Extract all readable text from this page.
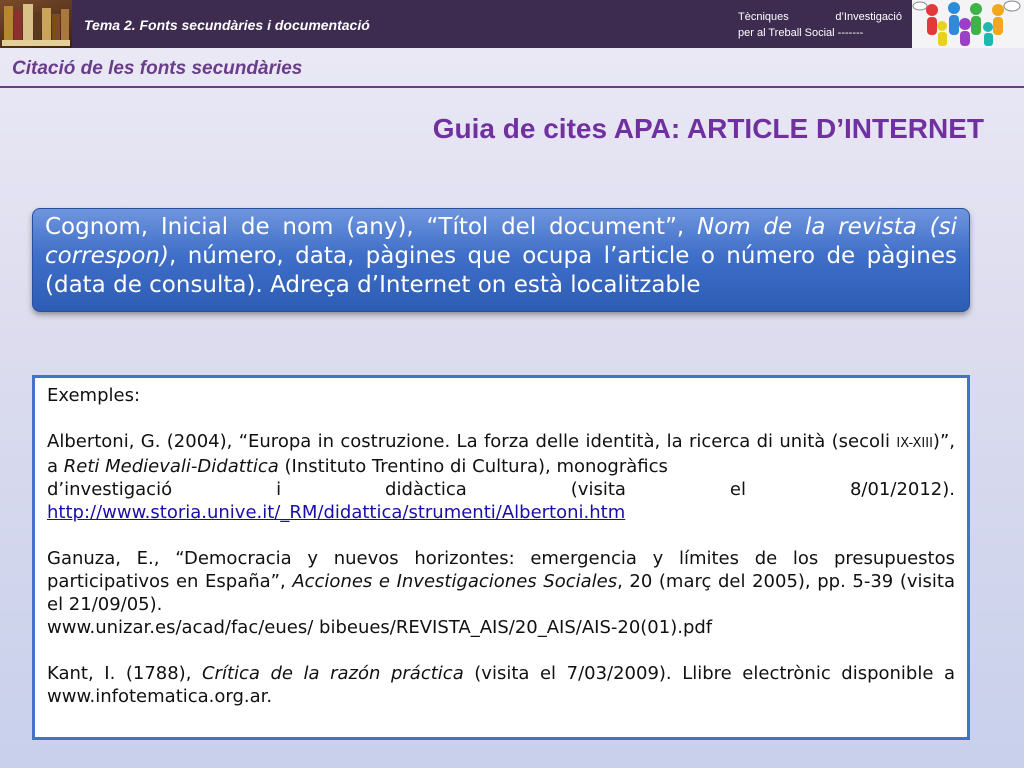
Tema 2. Fonts secundàries i documentació	Tècniques	d’Investigació
per al Treball Social -------
Citació de les fonts secundàries
Guia de cites APA: ARTICLE D’INTERNET

Cognom, Inicial de nom (any), “Títol del document”, Nom de la revista (si correspon), número, data, pàgines que ocupa l’article o número de pàgines (data de consulta). Adreça d’Internet on està localitzable

Exemples:

Albertoni, G. (2004), “Europa in costruzione. La forza delle identità, la ricerca di unità (secoli IX-XIII)”, a Reti Medievali-Didattica (Instituto Trentino di Cultura), monogràfics

d’investigació	i	didàctica	(visita	el	8/01/2012).
http://www.storia.unive.it/_RM/didattica/strumenti/Albertoni.htm

Ganuza, E., “Democracia y nuevos horizontes: emergencia y límites de los presupuestos participativos en España”, Acciones e Investigaciones Sociales, 20 (març del 2005), pp. 5-39 (visita el 21/09/05).

www.unizar.es/acad/fac/eues/ bibeues/REVISTA_AIS/20_AIS/AIS-20(01).pdf

Kant, I. (1788), Crítica de la razón práctica (visita el 7/03/2009). Llibre electrònic disponible a www.infotematica.org.ar.
